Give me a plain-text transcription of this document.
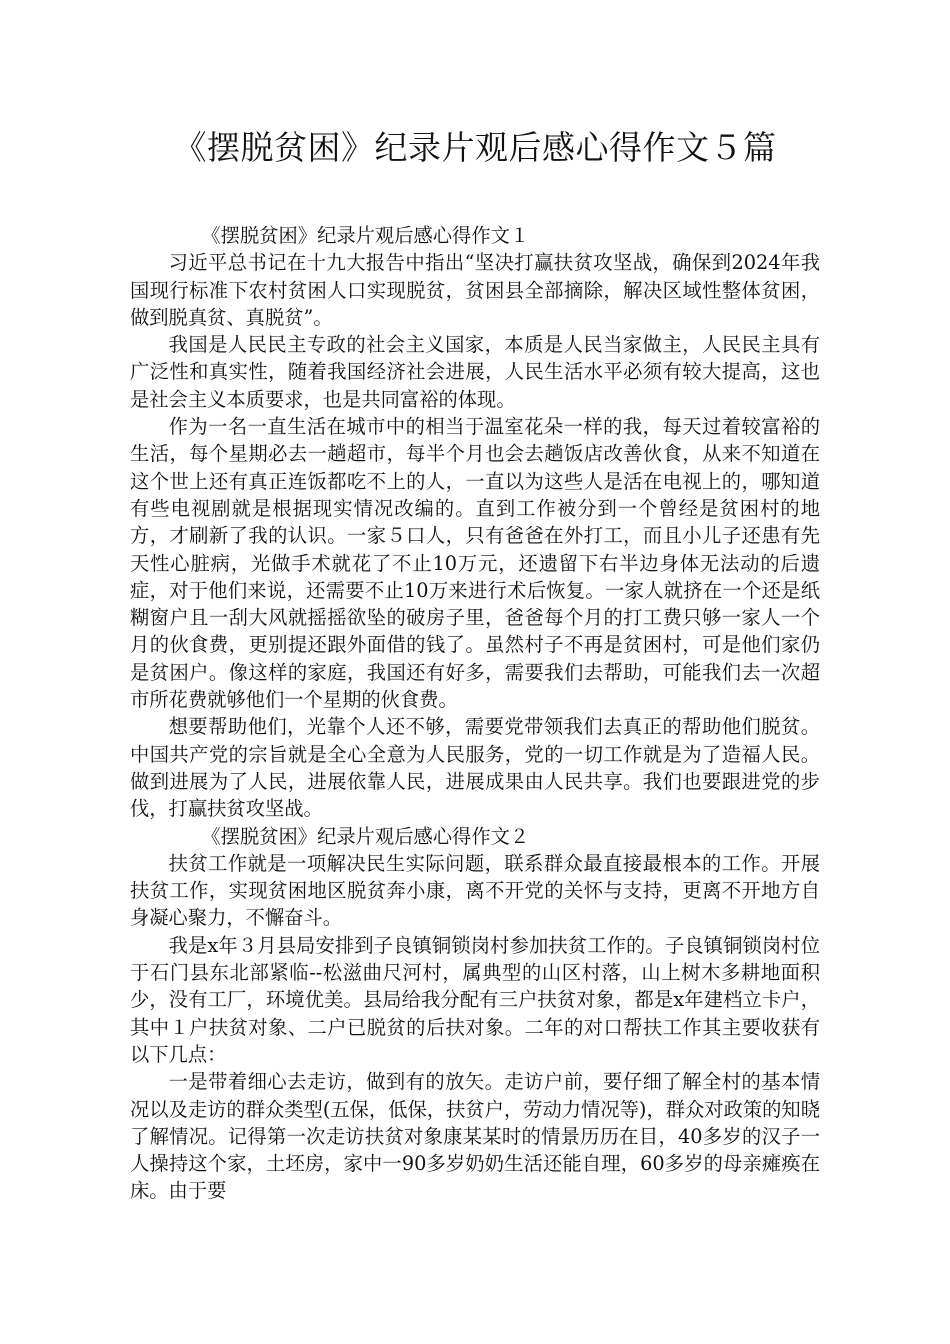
《摆脱贫困》纪录片观后感心得作文５篇

《摆脱贫困》纪录片观后感心得作文１

习近平总书记在十九大报告中指出“坚决打赢扶贫攻坚战，确保到2024年我国现行标准下农村贫困人口实现脱贫，贫困县全部摘除，解决区域性整体贫困，做到脱真贫、真脱贫”。

我国是人民民主专政的社会主义国家，本质是人民当家做主，人民民主具有广泛性和真实性，随着我国经济社会进展，人民生活水平必须有较大提高，这也是社会主义本质要求，也是共同富裕的体现。

作为一名一直生活在城市中的相当于温室花朵一样的我，每天过着较富裕的生活，每个星期必去一趟超市，每半个月也会去趟饭店改善伙食，从来不知道在这个世上还有真正连饭都吃不上的人，一直以为这些人是活在电视上的，哪知道有些电视剧就是根据现实情况改编的。直到工作被分到一个曾经是贫困村的地方，才刷新了我的认识。一家５口人，只有爸爸在外打工，而且小儿子还患有先天性心脏病，光做手术就花了不止10万元，还遗留下右半边身体无法动的后遗症，对于他们来说，还需要不止10万来进行术后恢复。一家人就挤在一个还是纸糊窗户且一刮大风就摇摇欲坠的破房子里，爸爸每个月的打工费只够一家人一个月的伙食费，更别提还跟外面借的钱了。虽然村子不再是贫困村，可是他们家仍是贫困户。像这样的家庭，我国还有好多，需要我们去帮助，可能我们去一次超市所花费就够他们一个星期的伙食费。

想要帮助他们，光靠个人还不够，需要党带领我们去真正的帮助他们脱贫。中国共产党的宗旨就是全心全意为人民服务，党的一切工作就是为了造福人民。做到进展为了人民，进展依靠人民，进展成果由人民共享。我们也要跟进党的步伐，打赢扶贫攻坚战。

《摆脱贫困》纪录片观后感心得作文２

扶贫工作就是一项解决民生实际问题，联系群众最直接最根本的工作。开展扶贫工作，实现贫困地区脱贫奔小康，离不开党的关怀与支持，更离不开地方自身凝心聚力，不懈奋斗。

我是x年３月县局安排到子良镇铜锁岗村参加扶贫工作的。子良镇铜锁岗村位于石门县东北部紧临--松滋曲尺河村，属典型的山区村落，山上树木多耕地面积少，没有工厂，环境优美。县局给我分配有三户扶贫对象，都是x年建档立卡户，其中１户扶贫对象、二户已脱贫的后扶对象。二年的对口帮扶工作其主要收获有以下几点：

一是带着细心去走访，做到有的放矢。走访户前，要仔细了解全村的基本情况以及走访的群众类型(五保，低保，扶贫户，劳动力情况等)，群众对政策的知晓了解情况。记得第一次走访扶贫对象康某某时的情景历历在目，40多岁的汉子一人操持这个家，土坯房，家中一90多岁奶奶生活还能自理，60多岁的母亲瘫痪在床。由于要
